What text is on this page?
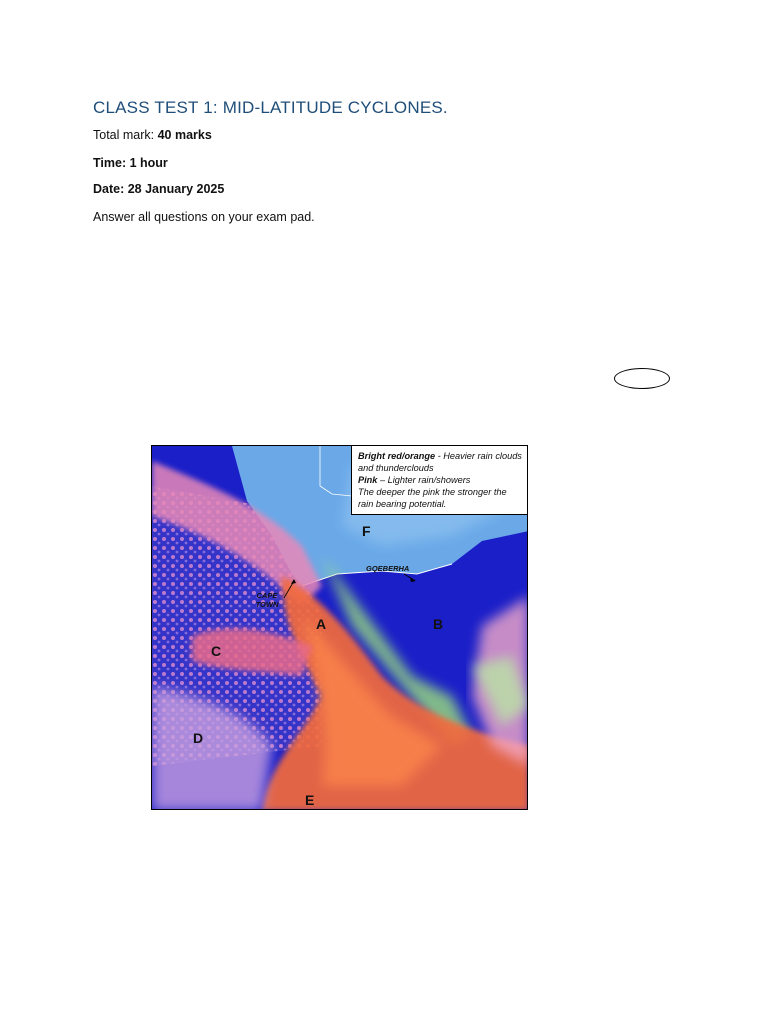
CLASS TEST 1: MID-LATITUDE CYCLONES.
Total mark: 40 marks
Time: 1 hour
Date: 28 January 2025
Answer all questions on your exam pad.

Bright red/orange - Heavier rain clouds and thunderclouds

Pink – Lighter rain/showers

The deeper the pink the stronger the rain bearing potential.

F
A	B
C
D
E
CAPE TOWN
GQEBERHA
